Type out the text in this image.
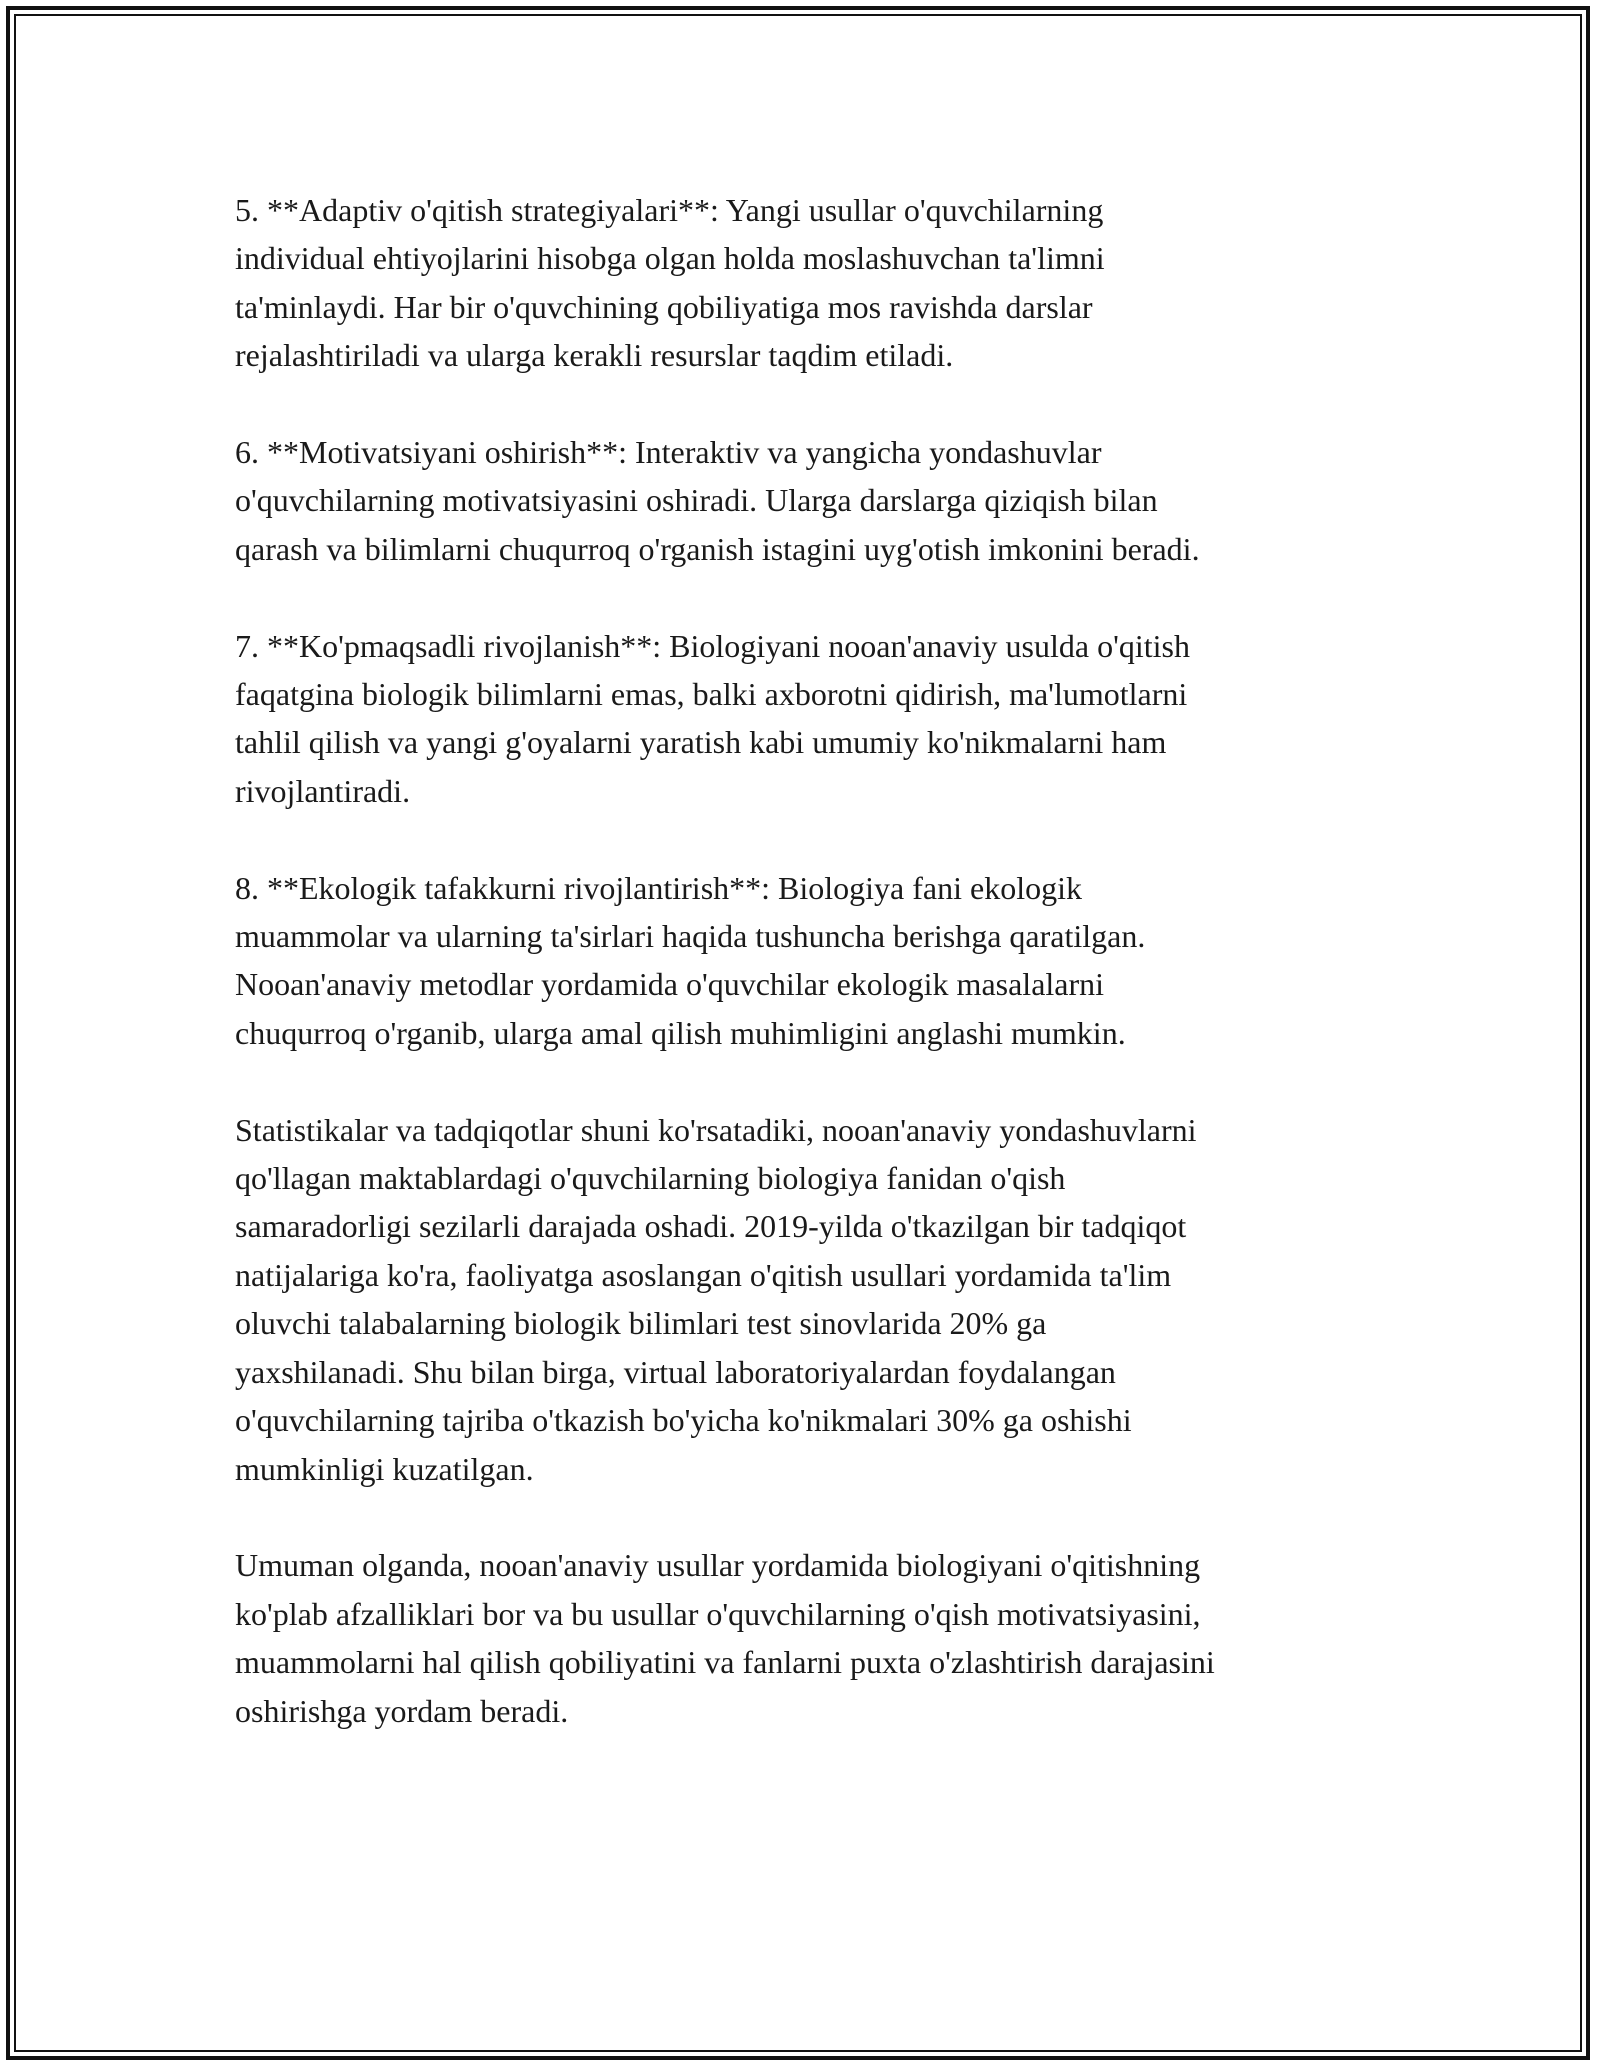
5. **Adaptiv o'qitish strategiyalari**: Yangi usullar o'quvchilarning
individual ehtiyojlarini hisobga olgan holda moslashuvchan ta'limni
ta'minlaydi. Har bir o'quvchining qobiliyatiga mos ravishda darslar
rejalashtiriladi va ularga kerakli resurslar taqdim etiladi.

6. **Motivatsiyani oshirish**: Interaktiv va yangicha yondashuvlar
o'quvchilarning motivatsiyasini oshiradi. Ularga darslarga qiziqish bilan
qarash va bilimlarni chuqurroq o'rganish istagini uyg'otish imkonini beradi.

7. **Ko'pmaqsadli rivojlanish**: Biologiyani nooan'anaviy usulda o'qitish
faqatgina biologik bilimlarni emas, balki axborotni qidirish, ma'lumotlarni
tahlil qilish va yangi g'oyalarni yaratish kabi umumiy ko'nikmalarni ham
rivojlantiradi.

8. **Ekologik tafakkurni rivojlantirish**: Biologiya fani ekologik
muammolar va ularning ta'sirlari haqida tushuncha berishga qaratilgan.
Nooan'anaviy metodlar yordamida o'quvchilar ekologik masalalarni
chuqurroq o'rganib, ularga amal qilish muhimligini anglashi mumkin.

Statistikalar va tadqiqotlar shuni ko'rsatadiki, nooan'anaviy yondashuvlarni
qo'llagan maktablardagi o'quvchilarning biologiya fanidan o'qish
samaradorligi sezilarli darajada oshadi. 2019-yilda o'tkazilgan bir tadqiqot
natijalariga ko'ra, faoliyatga asoslangan o'qitish usullari yordamida ta'lim
oluvchi talabalarning biologik bilimlari test sinovlarida 20% ga
yaxshilanadi. Shu bilan birga, virtual laboratoriyalardan foydalangan
o'quvchilarning tajriba o'tkazish bo'yicha ko'nikmalari 30% ga oshishi
mumkinligi kuzatilgan.

Umuman olganda, nooan'anaviy usullar yordamida biologiyani o'qitishning
ko'plab afzalliklari bor va bu usullar o'quvchilarning o'qish motivatsiyasini,
muammolarni hal qilish qobiliyatini va fanlarni puxta o'zlashtirish darajasini
oshirishga yordam beradi.
